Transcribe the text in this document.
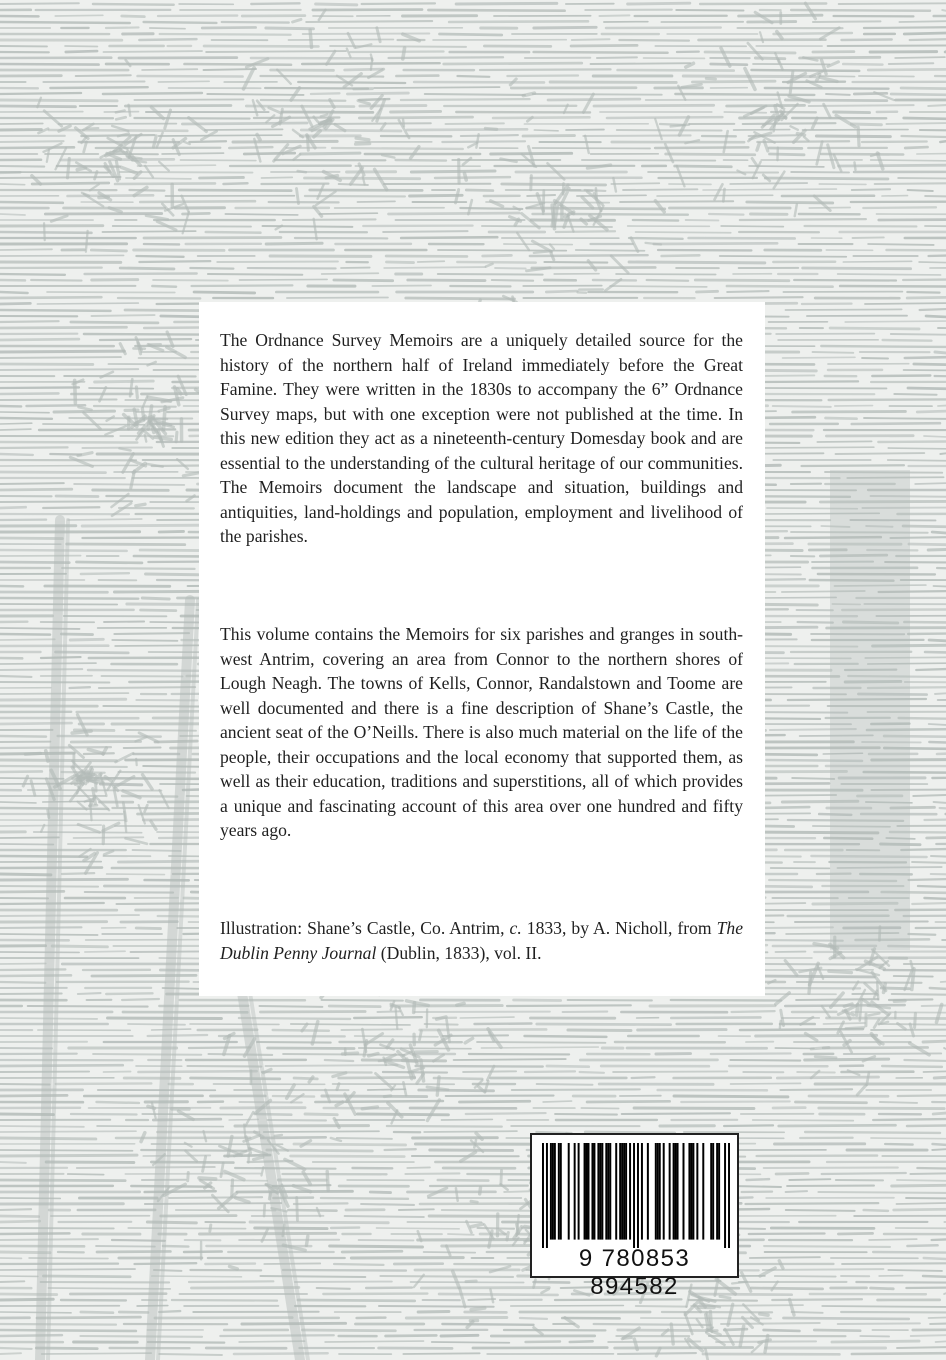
The Ordnance Survey Memoirs are a uniquely detailed source for the history of the northern half of Ireland immediately before the Great Famine. They were written in the 1830s to accompany the 6” Ordnance Survey maps, but with one exception were not published at the time. In this new edition they act as a nineteenth-century Domesday book and are essential to the understanding of the cultural heritage of our communities. The Memoirs document the landscape and situation, buildings and antiquities, land-holdings and population, employment and livelihood of the parishes.

This volume contains the Memoirs for six parishes and granges in south-west Antrim, covering an area from Connor to the northern shores of Lough Neagh. The towns of Kells, Connor, Randalstown and Toome are well documented and there is a fine description of Shane’s Castle, the ancient seat of the O’Neills. There is also much material on the life of the people, their occupations and the local economy that supported them, as well as their education, traditions and superstitions, all of which provides a unique and fascinating account of this area over one hundred and fifty years ago.

Illustration: Shane’s Castle, Co. Antrim, c. 1833, by A. Nicholl, from The Dublin Penny Journal (Dublin, 1833), vol. II.

9 780853 894582
